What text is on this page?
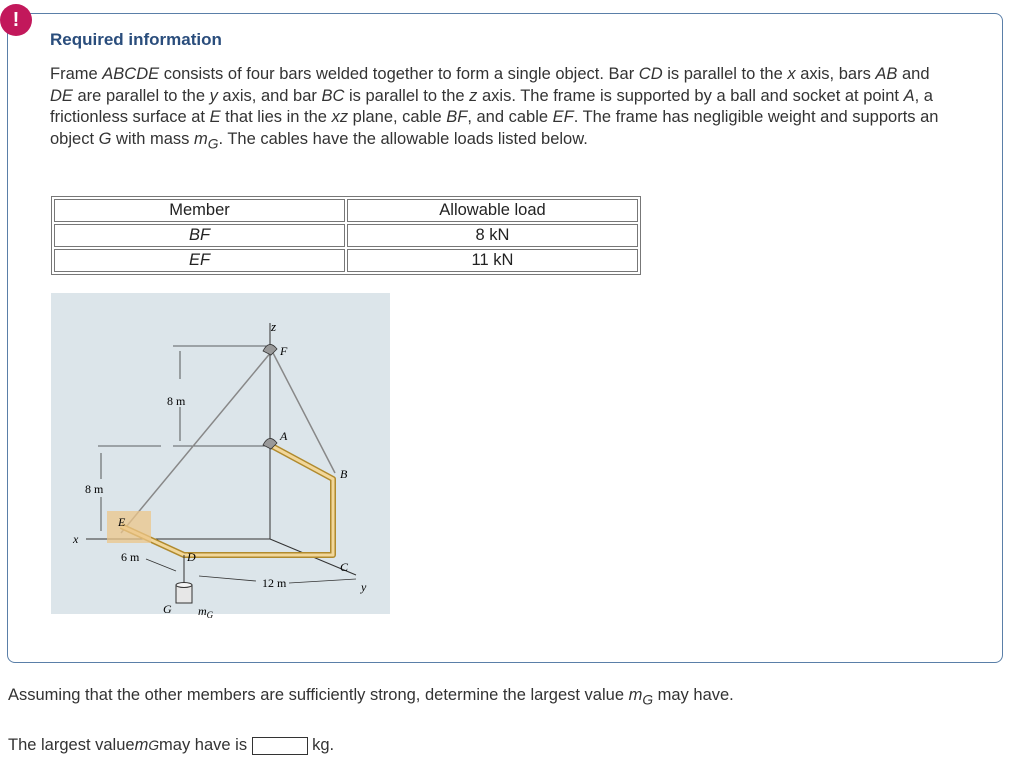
!
Required information
Frame ABCDE consists of four bars welded together to form a single object. Bar CD is parallel to the x axis, bars AB and DE are parallel to the y axis, and bar BC is parallel to the z axis. The frame is supported by a ball and socket at point A, a frictionless surface at E that lies in the xz plane, cable BF, and cable EF. The frame has negligible weight and supports an object G with mass $m_G$. The cables have the allowable loads listed below.
Member	Allowable load
BF	8 kN
EF	11 kN
z
F
A
B
C
D
E
x
y
G $m_G$
8 m
8 m
6 m
12 m
Assuming that the other members are sufficiently strong, determine the largest value $m_G$ may have.
The largest value m G may have is	kg.
